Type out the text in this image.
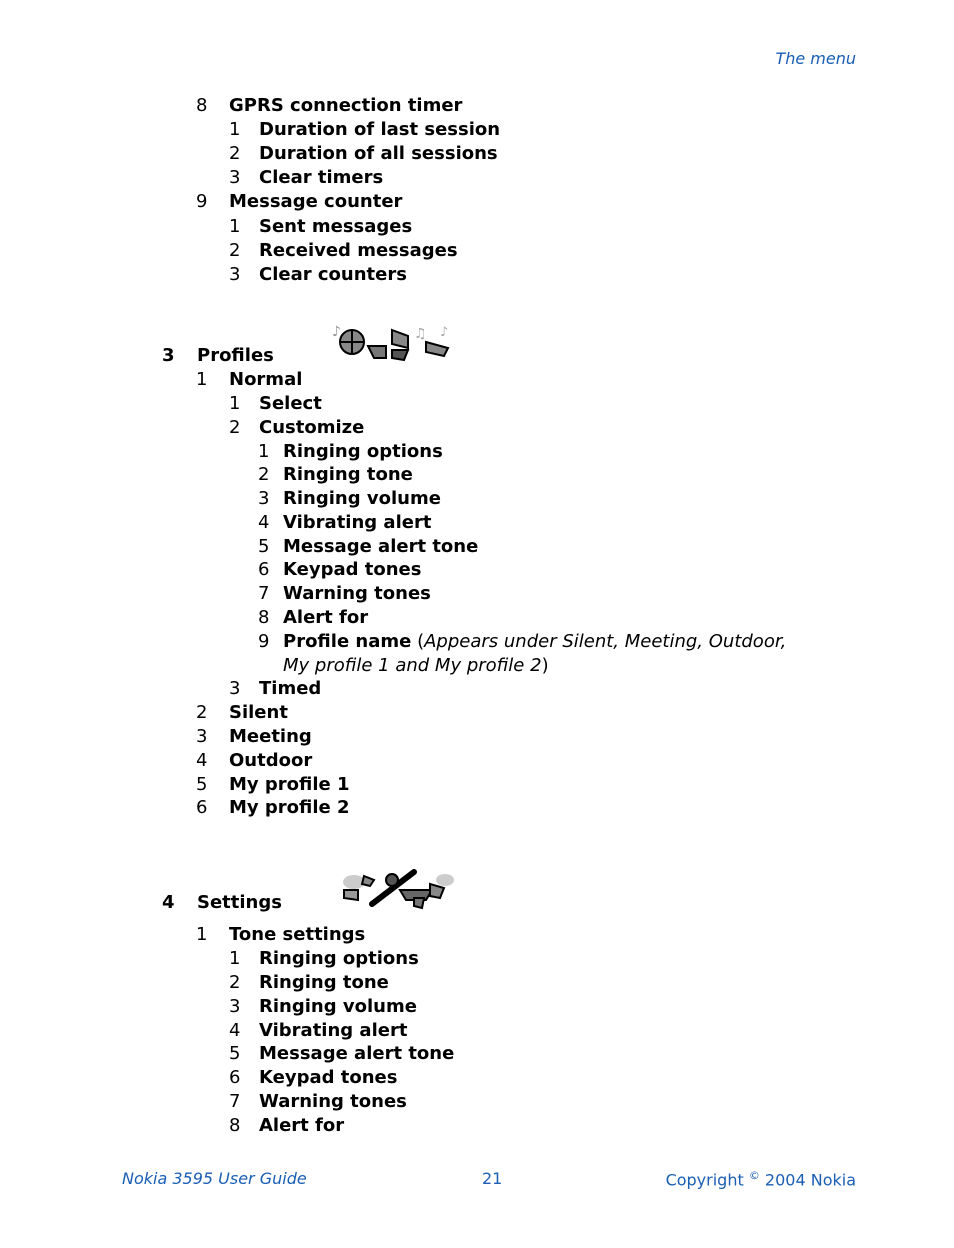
The menu
8 GPRS connection timer
1 Duration of last session
2 Duration of all sessions
3 Clear timers
9 Message counter
1 Sent messages
2 Received messages
3 Clear counters
3 Profiles
♪	♫ ♪
1 Normal
1 Select
2 Customize
1 Ringing options
2 Ringing tone
3 Ringing volume
4 Vibrating alert
5 Message alert tone
6 Keypad tones
7 Warning tones
8 Alert for
9 Profile name (Appears under Silent, Meeting, Outdoor,
My profile 1 and My profile 2)
3 Timed
2 Silent
3 Meeting
4 Outdoor
5 My profile 1
6 My profile 2
4 Settings
1 Tone settings
1 Ringing options
2 Ringing tone
3 Ringing volume
4 Vibrating alert
5 Message alert tone
6 Keypad tones
7 Warning tones
8 Alert for
Nokia 3595 User Guide	21	Copyright © 2004 Nokia
